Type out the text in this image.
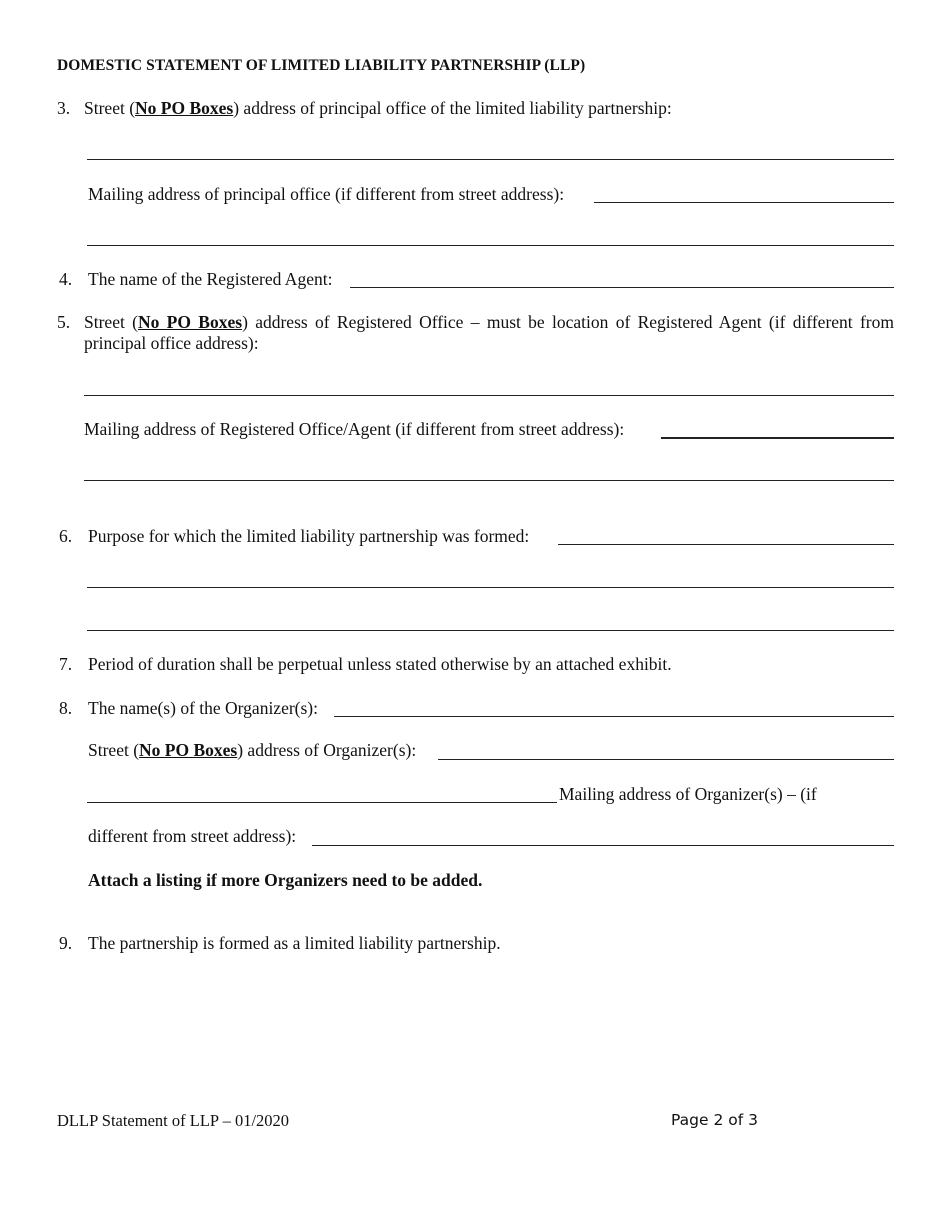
DOMESTIC STATEMENT OF LIMITED LIABILITY PARTNERSHIP (LLP)
3. Street (No PO Boxes) address of principal office of the limited liability partnership:
Mailing address of principal office (if different from street address):
4. The name of the Registered Agent:
5. Street (No PO Boxes) address of Registered Office – must be location of Registered Agent (if different from principal office address):
Mailing address of Registered Office/Agent (if different from street address):
6. Purpose for which the limited liability partnership was formed:
7. Period of duration shall be perpetual unless stated otherwise by an attached exhibit.
8. The name(s) of the Organizer(s):
Street (No PO Boxes) address of Organizer(s):
Mailing address of Organizer(s) – (if
different from street address):
Attach a listing if more Organizers need to be added.
9. The partnership is formed as a limited liability partnership.
DLLP Statement of LLP – 01/2020	Page 2 of 3
